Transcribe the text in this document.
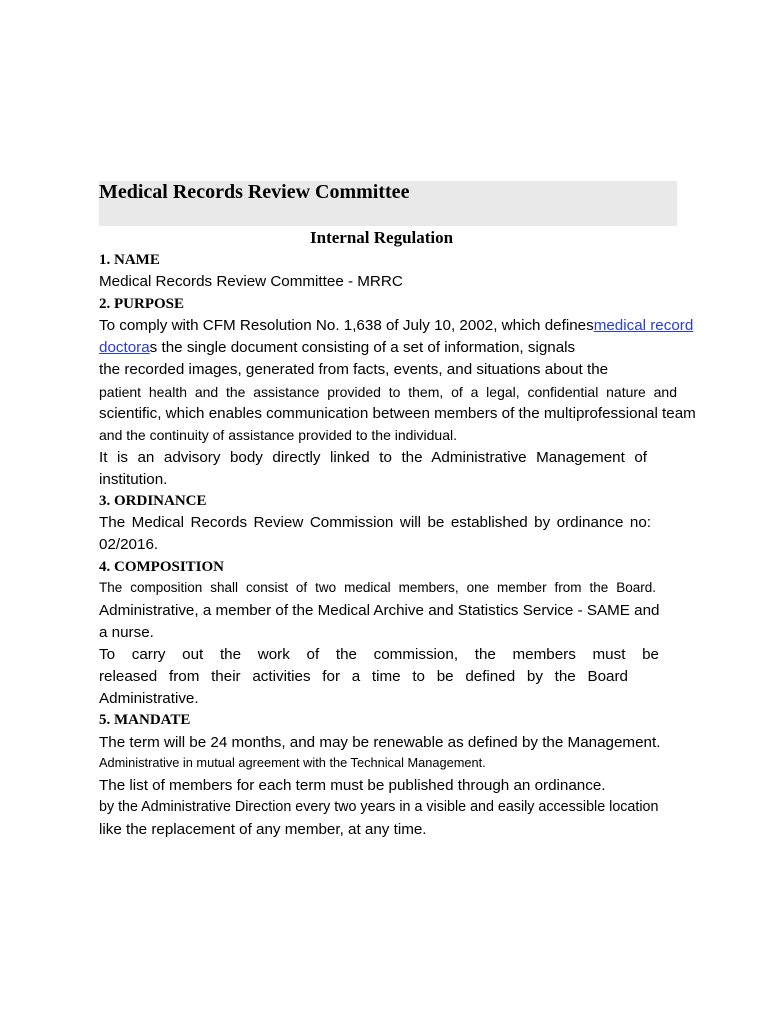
Medical Records Review Committee
Internal Regulation
1. NAME
Medical Records Review Committee - MRRC
2. PURPOSE
To comply with CFM Resolution No. 1,638 of July 10, 2002, which definesmedical record
doctoras the single document consisting of a set of information, signals
the recorded images, generated from facts, events, and situations about the
patient health and the assistance provided to them, of a legal, confidential nature and
scientific, which enables communication between members of the multiprofessional team
and the continuity of assistance provided to the individual.
It is an advisory body directly linked to the Administrative Management of
institution.
3. ORDINANCE
The Medical Records Review Commission will be established by ordinance no:
02/2016.
4. COMPOSITION
The composition shall consist of two medical members, one member from the Board.
Administrative, a member of the Medical Archive and Statistics Service - SAME and
a nurse.
To carry out the work of the commission, the members must be
released from their activities for a time to be defined by the Board
Administrative.
5. MANDATE
The term will be 24 months, and may be renewable as defined by the Management.
Administrative in mutual agreement with the Technical Management.
The list of members for each term must be published through an ordinance.
by the Administrative Direction every two years in a visible and easily accessible location
like the replacement of any member, at any time.
